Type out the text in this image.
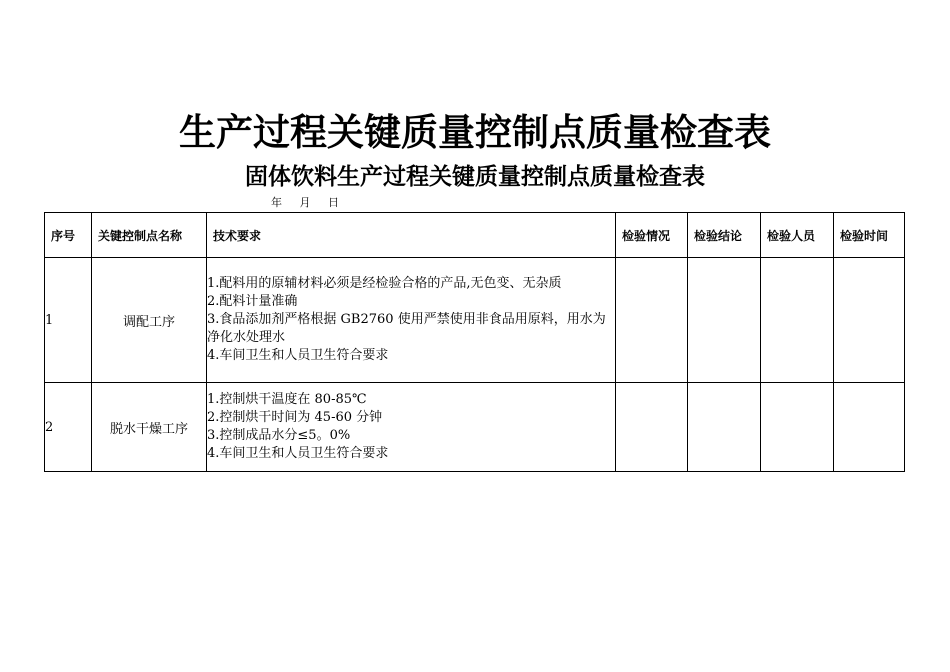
生产过程关键质量控制点质量检查表
固体饮料生产过程关键质量控制点质量检查表
年 月 日
序号	关键控制点名称	技术要求	检验情况	检验结论	检验人员	检验时间
1	调配工序	1.配料用的原辅材料必须是经检验合格的产品,无色变、无杂质
2.配料计量准确
3.食品添加剂严格根据 GB2760 使用严禁使用非食品用原料，用水为净化水处理水
4.车间卫生和人员卫生符合要求				

2	脱水干燥工序	1.控制烘干温度在 80-85℃
2.控制烘干时间为 45-60 分钟
3.控制成品水分≤5。0%
4.车间卫生和人员卫生符合要求				
